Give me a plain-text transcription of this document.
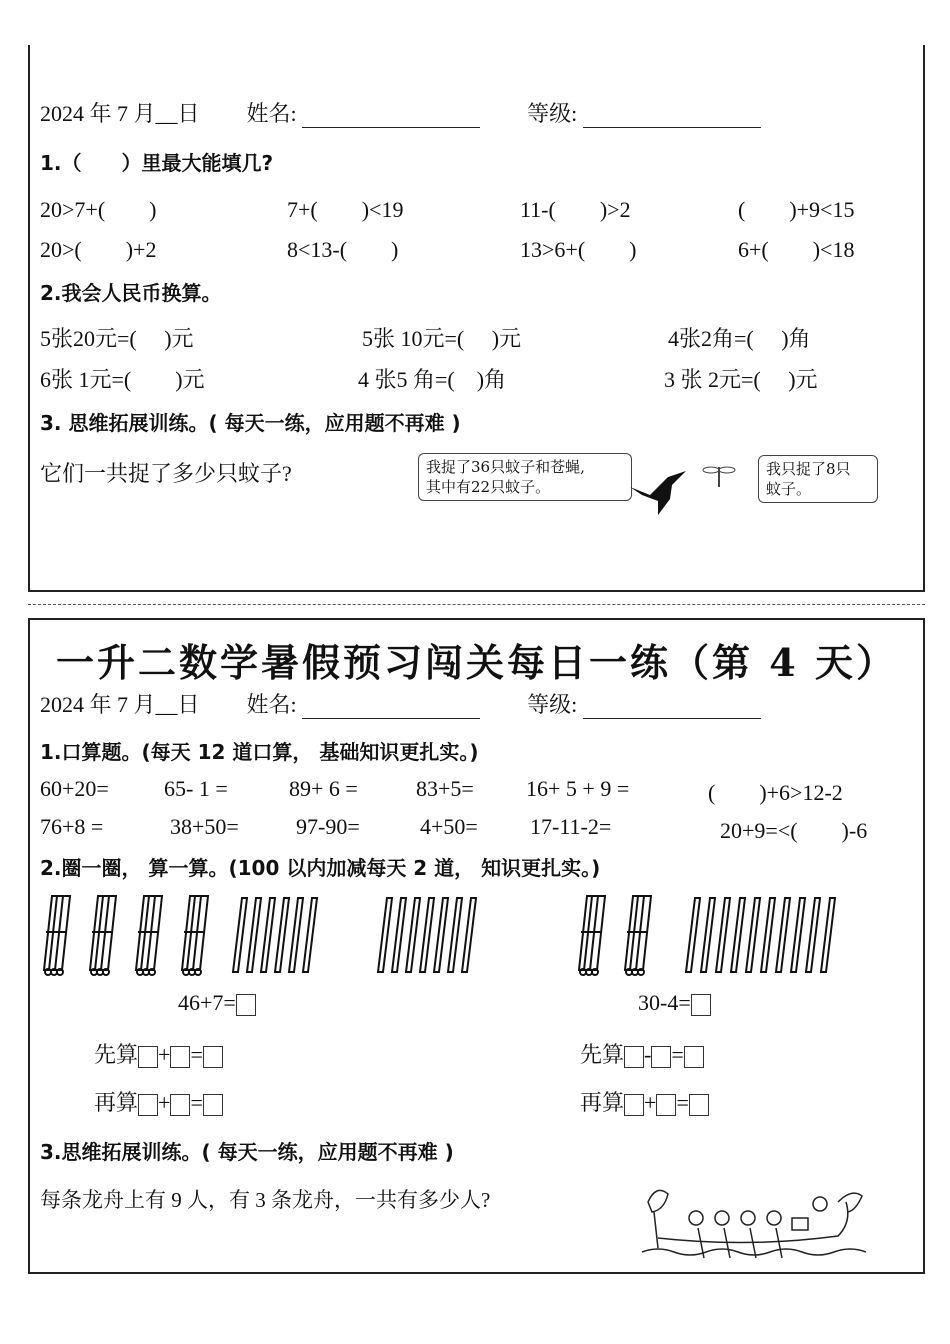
2024 年 7 月__日 姓名:	等级:
1.（　　）里最大能填几?
20>7+(　　)	7+(　　)<19	11-(　　)>2	(　　)+9<15
20>(　　)+2	8<13-(　　)	13>6+(　　)	6+(　　)<18
2.我会人民币换算。
5张20元=(　 )元	5张 10元=(　 )元	4张2角=(　 )角
6张 1元=(　　)元	4 张5 角=(　)角	3 张 2元=(　 )元
3. 思维拓展训练。( 每天一练，应用题不再难 )
它们一共捉了多少只蚊子?	我捉了36只蚊子和苍蝇,
其中有22只蚊子。
我只捉了8只
蚊子。
一升二数学暑假预习闯关每日一练（第 4 天）
2024 年 7 月__日 姓名:	等级:
1.口算题。(每天 12 道口算， 基础知识更扎实。)
60+20=	65- 1 =	89+ 6 =	83+5= 16+ 5 + 9 =	(　　)+6>12-2
76+8 =	38+50=	97-90=	4+50= 17-11-2=	20+9=<(　　)-6
2.圈一圈， 算一算。(100 以内加减每天 2 道， 知识更扎实。)
46+7=	30-4=
先算 + =	先算 - =
再算 + =	再算 + =
3.思维拓展训练。( 每天一练，应用题不再难 )
每条龙舟上有 9 人，有 3 条龙舟，一共有多少人?
